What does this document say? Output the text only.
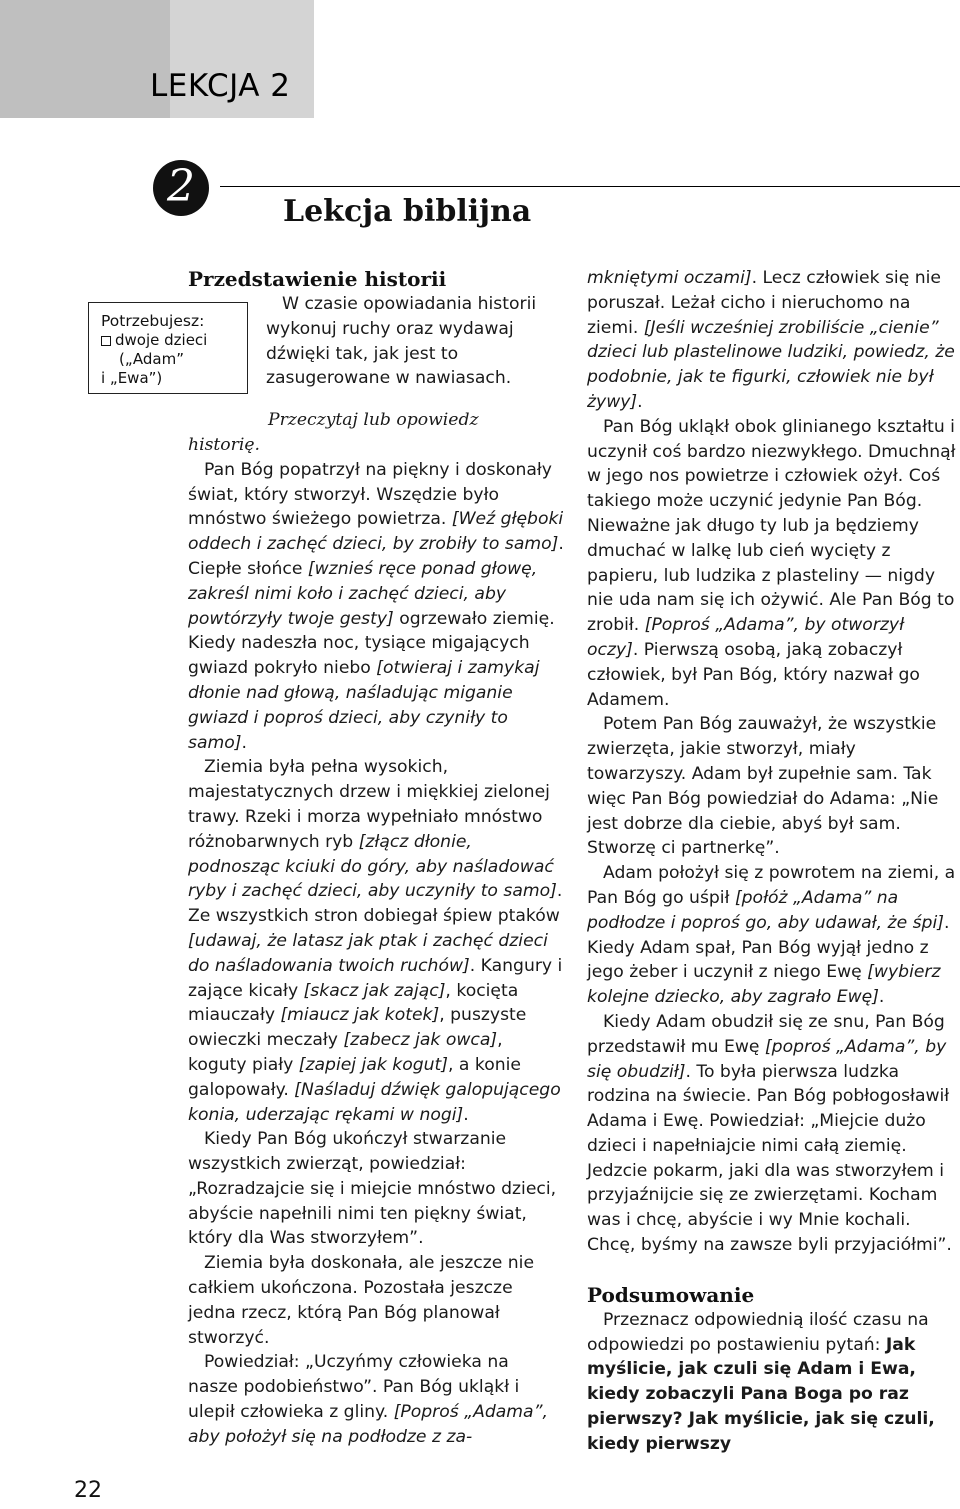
LEKCJA 2
2	Lekcja biblijna
Potrzebujesz:
dwoje dzieci
(„Adam”
i „Ewa”)
Przedstawienie historii

W czasie opowiadania historii wykonuj ruchy oraz wydawaj dźwięki tak, jak jest to zasugerowane w nawiasach.

Przeczytaj lub opowiedz
historię.

Pan Bóg popatrzył na piękny i doskonały świat, który stworzył. Wszędzie było mnóstwo świeżego powietrza. [Weź głęboki oddech i zachęć dzieci, by zrobiły to samo]. Ciepłe słońce [wznieś ręce ponad głowę, zakreśl nimi koło i zachęć dzieci, aby powtórzyły twoje gesty] ogrzewało ziemię. Kiedy nadeszła noc, tysiące migających gwiazd pokryło niebo [otwieraj i zamykaj dłonie nad głową, naśladując miganie gwiazd i poproś dzieci, aby czyniły to samo].

Ziemia była pełna wysokich, majestatycznych drzew i miękkiej zielonej trawy. Rzeki i morza wypełniało mnóstwo różnobarwnych ryb [złącz dłonie, podnosząc kciuki do góry, aby naśladować ryby i zachęć dzieci, aby uczyniły to samo]. Ze wszystkich stron dobiegał śpiew ptaków [udawaj, że latasz jak ptak i zachęć dzieci do naśladowania twoich ruchów]. Kangury i zające kicały [skacz jak zając], kocięta miauczały [miaucz jak kotek], puszyste owieczki meczały [zabecz jak owca], koguty piały [zapiej jak kogut], a konie galopowały. [Naśladuj dźwięk galopującego konia, uderzając rękami w nogi].

Kiedy Pan Bóg ukończył stwarzanie wszystkich zwierząt, powiedział: „Rozradzajcie się i miejcie mnóstwo dzieci, abyście napełnili nimi ten piękny świat, który dla Was stworzyłem”.

Ziemia była doskonała, ale jeszcze nie całkiem ukończona. Pozostała jeszcze jedna rzecz, którą Pan Bóg planował stworzyć.

Powiedział: „Uczyńmy człowieka na nasze podobieństwo”. Pan Bóg ukląkł i ulepił człowieka z gliny. [Poproś „Adama”, aby położył się na podłodze z za-

mkniętymi oczami]. Lecz człowiek się nie poruszał. Leżał cicho i nieruchomo na ziemi. [Jeśli wcześniej zrobiliście „cienie” dzieci lub plastelinowe ludziki, powiedz, że podobnie, jak te figurki, człowiek nie był żywy].

Pan Bóg ukląkł obok glinianego kształtu i uczynił coś bardzo niezwykłego. Dmuchnął w jego nos powietrze i człowiek ożył. Coś takiego może uczynić jedynie Pan Bóg. Nieważne jak długo ty lub ja będziemy dmuchać w lalkę lub cień wycięty z papieru, lub ludzika z plasteliny — nigdy nie uda nam się ich ożywić. Ale Pan Bóg to zrobił. [Poproś „Adama”, by otworzył oczy]. Pierwszą osobą, jaką zobaczył człowiek, był Pan Bóg, który nazwał go Adamem.

Potem Pan Bóg zauważył, że wszystkie zwierzęta, jakie stworzył, miały towarzyszy. Adam był zupełnie sam. Tak więc Pan Bóg powiedział do Adama: „Nie jest dobrze dla ciebie, abyś był sam. Stworzę ci partnerkę”.

Adam położył się z powrotem na ziemi, a Pan Bóg go uśpił [połóż „Adama” na podłodze i poproś go, aby udawał, że śpi]. Kiedy Adam spał, Pan Bóg wyjął jedno z jego żeber i uczynił z niego Ewę [wybierz kolejne dziecko, aby zagrało Ewę].

Kiedy Adam obudził się ze snu, Pan Bóg przedstawił mu Ewę [poproś „Adama”, by się obudził]. To była pierwsza ludzka rodzina na świecie. Pan Bóg pobłogosławił Adama i Ewę. Powiedział: „Miejcie dużo dzieci i napełniajcie nimi całą ziemię. Jedzcie pokarm, jaki dla was stworzyłem i przyjaźnijcie się ze zwierzętami. Kocham was i chcę, abyście i wy Mnie kochali. Chcę, byśmy na zawsze byli przyjaciółmi”.

Podsumowanie

Przeznacz odpowiednią ilość czasu na odpowiedzi po postawieniu pytań: Jak myślicie, jak czuli się Adam i Ewa, kiedy zobaczyli Pana Boga po raz pierwszy? Jak myślicie, jak się czuli, kiedy pierwszy

22
